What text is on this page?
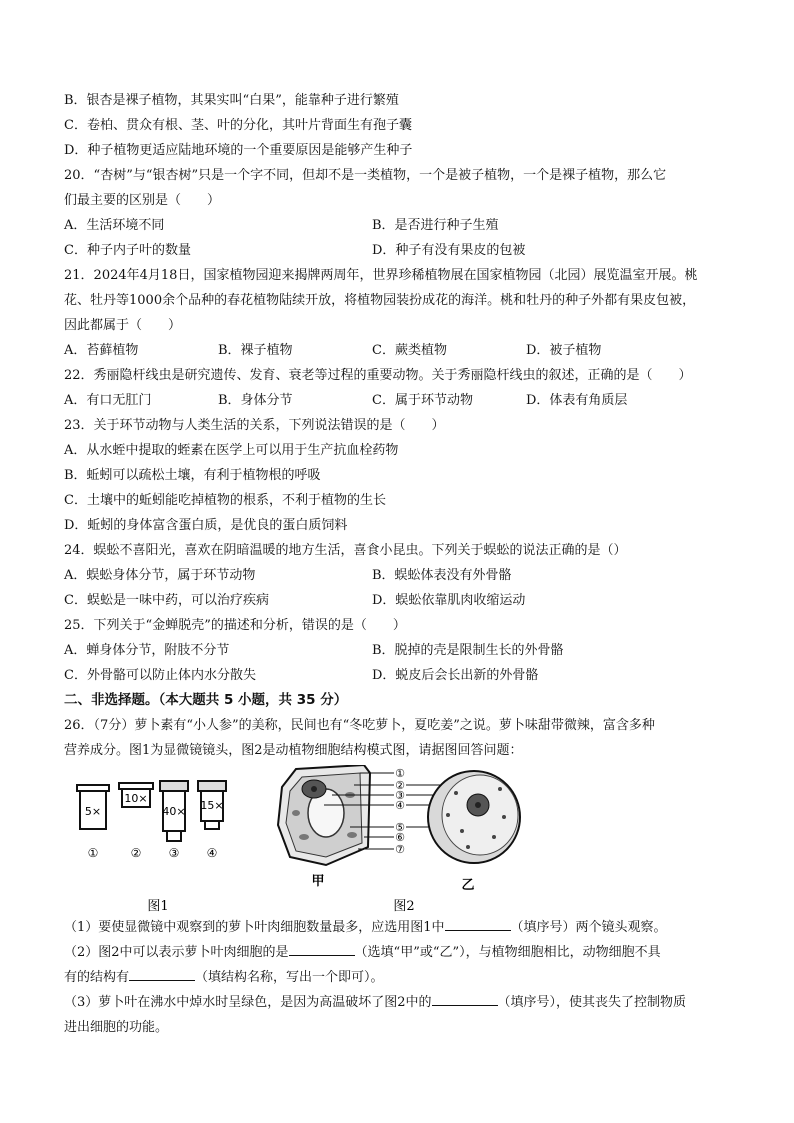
B．银杏是裸子植物，其果实叫“白果”，能靠种子进行繁殖
C．卷柏、贯众有根、茎、叶的分化，其叶片背面生有孢子囊
D．种子植物更适应陆地环境的一个重要原因是能够产生种子
20．“杏树”与“银杏树”只是一个字不同，但却不是一类植物，一个是被子植物，一个是裸子植物，那么它
们最主要的区别是（　　）
A．生活环境不同	B．是否进行种子生殖
C．种子内子叶的数量	D．种子有没有果皮的包被
21．2024年4月18日，国家植物园迎来揭牌两周年，世界珍稀植物展在国家植物园（北园）展览温室开展。桃
花、牡丹等1000余个品种的春花植物陆续开放，将植物园装扮成花的海洋。桃和牡丹的种子外都有果皮包被，
因此都属于（　　）
A．苔藓植物	B．裸子植物	C．蕨类植物	D．被子植物
22．秀丽隐杆线虫是研究遗传、发育、衰老等过程的重要动物。关于秀丽隐杆线虫的叙述，正确的是（　　）
A．有口无肛门	B．身体分节	C．属于环节动物	D．体表有角质层
23．关于环节动物与人类生活的关系，下列说法错误的是（　　）
A．从水蛭中提取的蛭素在医学上可以用于生产抗血栓药物
B．蚯蚓可以疏松土壤，有利于植物根的呼吸
C．土壤中的蚯蚓能吃掉植物的根系，不利于植物的生长
D．蚯蚓的身体富含蛋白质，是优良的蛋白质饲料
24．蜈蚣不喜阳光，喜欢在阴暗温暖的地方生活，喜食小昆虫。下列关于蜈蚣的说法正确的是（）
A．蜈蚣身体分节，属于环节动物	B．蜈蚣体表没有外骨骼
C．蜈蚣是一味中药，可以治疗疾病	D．蜈蚣依靠肌肉收缩运动
25．下列关于“金蝉脱壳”的描述和分析，错误的是（　　）
A．蝉身体分节，附肢不分节	B．脱掉的壳是限制生长的外骨骼
C．外骨骼可以防止体内水分散失	D．蜕皮后会长出新的外骨骼
二、非选择题。（本大题共 5 小题，共 35 分）
26．（7分）萝卜素有“小人参”的美称，民间也有“冬吃萝卜，夏吃姜”之说。萝卜味甜带微辣，富含多种
营养成分。图1为显微镜镜头，图2是动植物细胞结构模式图，请据图回答问题：
5×
10×
40× 15×
①	② ③ ④
①
②
③
④
⑤
⑥
⑦
甲	乙
图1	图2
（1）要使显微镜中观察到的萝卜叶肉细胞数量最多，应选用图1中	（填序号）两个镜头观察。
（2）图2中可以表示萝卜叶肉细胞的是	（选填“甲”或“乙”），与植物细胞相比，动物细胞不具
有的结构有	（填结构名称，写出一个即可）。
（3）萝卜叶在沸水中焯水时呈绿色，是因为高温破坏了图2中的	（填序号），使其丧失了控制物质
进出细胞的功能。
